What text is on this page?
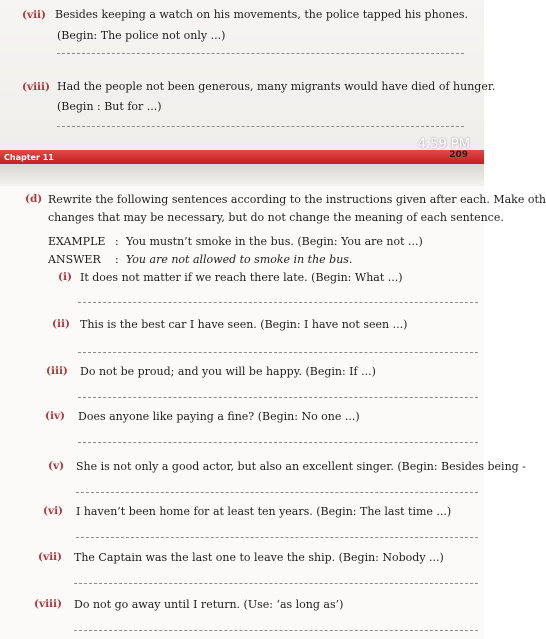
(vii) Besides keeping a watch on his movements, the police tapped his phones.
(Begin: The police not only ...)
(viii) Had the people not been generous, many migrants would have died of hunger.
(Begin : But for ...)
Chapter 11
4:59 PM
209
(d) Rewrite the following sentences according to the instructions given after each. Make oth
changes that may be necessary, but do not change the meaning of each sentence.
EXAMPLE : You mustn’t smoke in the bus. (Begin: You are not ...)
ANSWER : You are not allowed to smoke in the bus.
(i) It does not matter if we reach there late. (Begin: What ...)
(ii) This is the best car I have seen. (Begin: I have not seen ...)
(iii) Do not be proud; and you will be happy. (Begin: If ...)
(iv) Does anyone like paying a fine? (Begin: No one ...)
(v) She is not only a good actor, but also an excellent singer. (Begin: Besides being -
(vi) I haven’t been home for at least ten years. (Begin: The last time ...)
(vii) The Captain was the last one to leave the ship. (Begin: Nobody ...)
(viii) Do not go away until I return. (Use: ‘as long as’)
